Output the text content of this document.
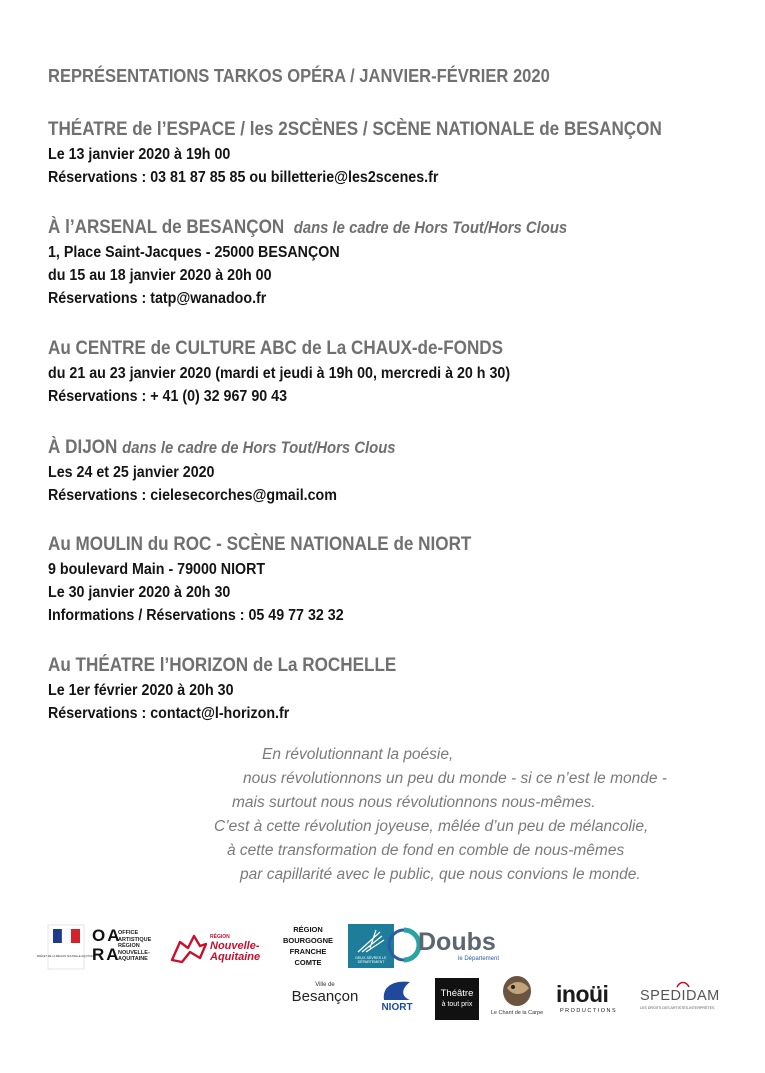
REPRÉSENTATIONS TARKOS OPÉRA / JANVIER-FÉVRIER 2020
THÉATRE de l’ESPACE / les 2SCÈNES / SCÈNE NATIONALE de BESANÇON
Le 13 janvier 2020 à 19h 00
Réservations : 03 81 87 85 85 ou billetterie@les2scenes.fr
À l’ARSENAL de BESANÇON dans le cadre de Hors Tout/Hors Clous
1, Place Saint-Jacques - 25000 BESANÇON
du 15 au 18 janvier 2020 à 20h 00
Réservations : tatp@wanadoo.fr
Au CENTRE de CULTURE ABC de La CHAUX-de-FONDS
du 21 au 23 janvier 2020 (mardi et jeudi à 19h 00, mercredi à 20 h 30)
Réservations : + 41 (0) 32 967 90 43
À DIJON dans le cadre de Hors Tout/Hors Clous
Les 24 et 25 janvier 2020
Réservations : cielesecorches@gmail.com
Au MOULIN du ROC - SCÈNE NATIONALE de NIORT
9 boulevard Main - 79000 NIORT
Le 30 janvier 2020 à 20h 30
Informations / Réservations : 05 49 77 32 32
Au THÉATRE l’HORIZON de La ROCHELLE
Le 1er février 2020 à 20h 30
Réservations : contact@l-horizon.fr
En révolutionnant la poésie,
nous révolutionnons un peu du monde - si ce n’est le monde -
mais surtout nous nous révolutionnons nous-mêmes.
C’est à cette révolution joyeuse, mêlée d’un peu de mélancolie,
à cette transformation de fond en comble de nous-mêmes
par capillarité avec le public, que nous convions le monde.
PRÉFET DE LA RÉGION NOUVELLE-AQUITAINE
OA
RA
OFFICE
ARTISTIQUE
RÉGION
NOUVELLE-
AQUITAINE
RÉGION
Nouvelle-
Aquitaine
RÉGION
BOURGOGNE
FRANCHE
COMTE	DEUX-SÈVRES LE DÉPARTEMENT
Doubs
le Département
Ville de
Besançon
NIORT
Théâtre
à tout prix
Le Chant de la Carpe
inoüi
PRODUCTIONS
SPEDIDAM
LES DROITS DES ARTISTES-INTERPRÈTES
